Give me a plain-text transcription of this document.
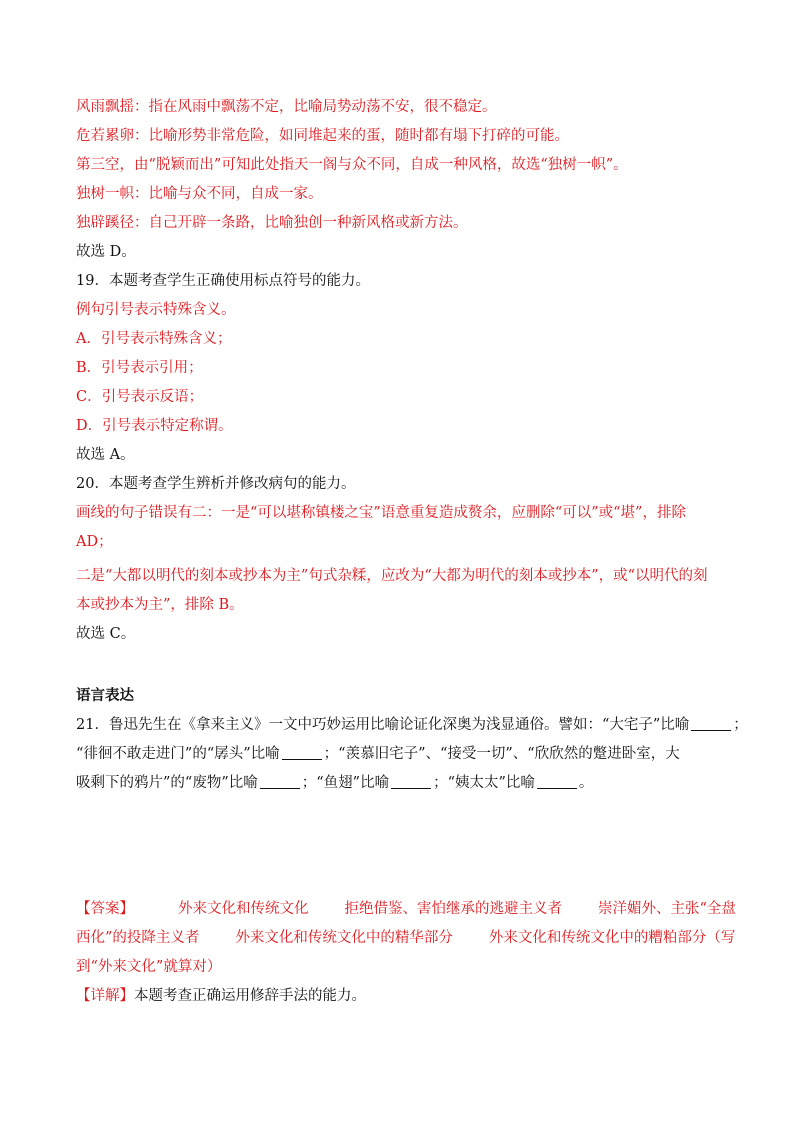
风雨飘摇：指在风雨中飘荡不定，比喻局势动荡不安，很不稳定。
危若累卵：比喻形势非常危险，如同堆起来的蛋，随时都有塌下打碎的可能。
第三空，由“脱颖而出”可知此处指天一阁与众不同，自成一种风格，故选“独树一帜”。
独树一帜：比喻与众不同，自成一家。
独辟蹊径：自己开辟一条路，比喻独创一种新风格或新方法。
故选 D。
19．本题考查学生正确使用标点符号的能力。
例句引号表示特殊含义。
A．引号表示特殊含义；
B．引号表示引用；
C．引号表示反语；
D．引号表示特定称谓。
故选 A。
20．本题考查学生辨析并修改病句的能力。
画线的句子错误有二：一是“可以堪称镇楼之宝”语意重复造成赘余，应删除“可以”或“堪”，排除
AD；
二是“大都以明代的刻本或抄本为主”句式杂糅，应改为“大都为明代的刻本或抄本”，或“以明代的刻
本或抄本为主”，排除 B。
故选 C。
语言表达
21．鲁迅先生在《拿来主义》一文中巧妙运用比喻论证化深奥为浅显通俗。譬如：“大宅子”比喻	；
“徘徊不敢走进门”的“孱头”比喻	；“羡慕旧宅子”、“接受一切”、“欣欣然的蹩进卧室，大
吸剩下的鸦片”的“废物”比喻	；“鱼翅”比喻	；“姨太太”比喻	。
【答案】	外来文化和传统文化 拒绝借鉴、害怕继承的逃避主义者 崇洋媚外、主张“全盘
西化”的投降主义者 外来文化和传统文化中的精华部分 外来文化和传统文化中的糟粕部分（写
到“外来文化”就算对）
【详解】本题考查正确运用修辞手法的能力。
